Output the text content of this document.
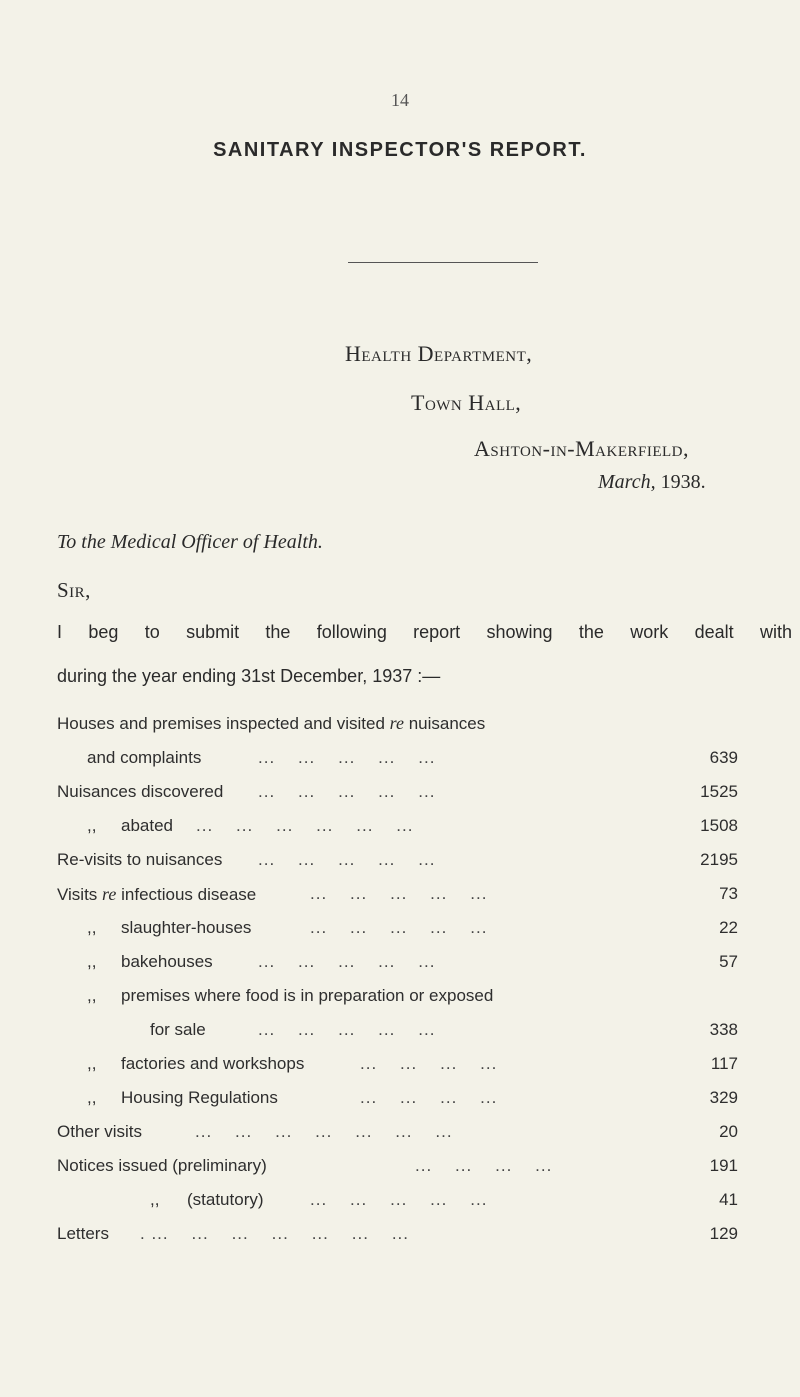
14
SANITARY INSPECTOR'S REPORT.
Health Department,
Town Hall,
Ashton-in-Makerfield,
March, 1938.
To the Medical Officer of Health.
Sir,
I beg to submit the following report showing the work dealt with
during the year ending 31st December, 1937 :—
Houses and premises inspected and visited re nuisances
and complaints	...    ...    ...    ...    ...	639
Nuisances discovered ...    ...    ...    ...    ...	1525
,, abated ...    ...    ...    ...    ...    ...	1508
Re-visits to nuisances ...    ...    ...    ...    ...	2195
Visits re infectious disease	...    ...    ...    ...    ...	73
,, slaughter-houses	...    ...    ...    ...    ...	22
,, bakehouses	...    ...    ...    ...    ...	57
,, premises where food is in preparation or exposed
for sale	...    ...    ...    ...    ...	338
,, factories and workshops	...    ...    ...    ...	117
,, Housing Regulations	...    ...    ...    ...	329
Other visits	...    ...    ...    ...    ...    ...    ...	20
Notices issued (preliminary)	...    ...    ...    ...	191
,, (statutory)	...    ...    ...    ...    ...	41
Letters . ...    ...    ...    ...    ...    ...    ...	129
